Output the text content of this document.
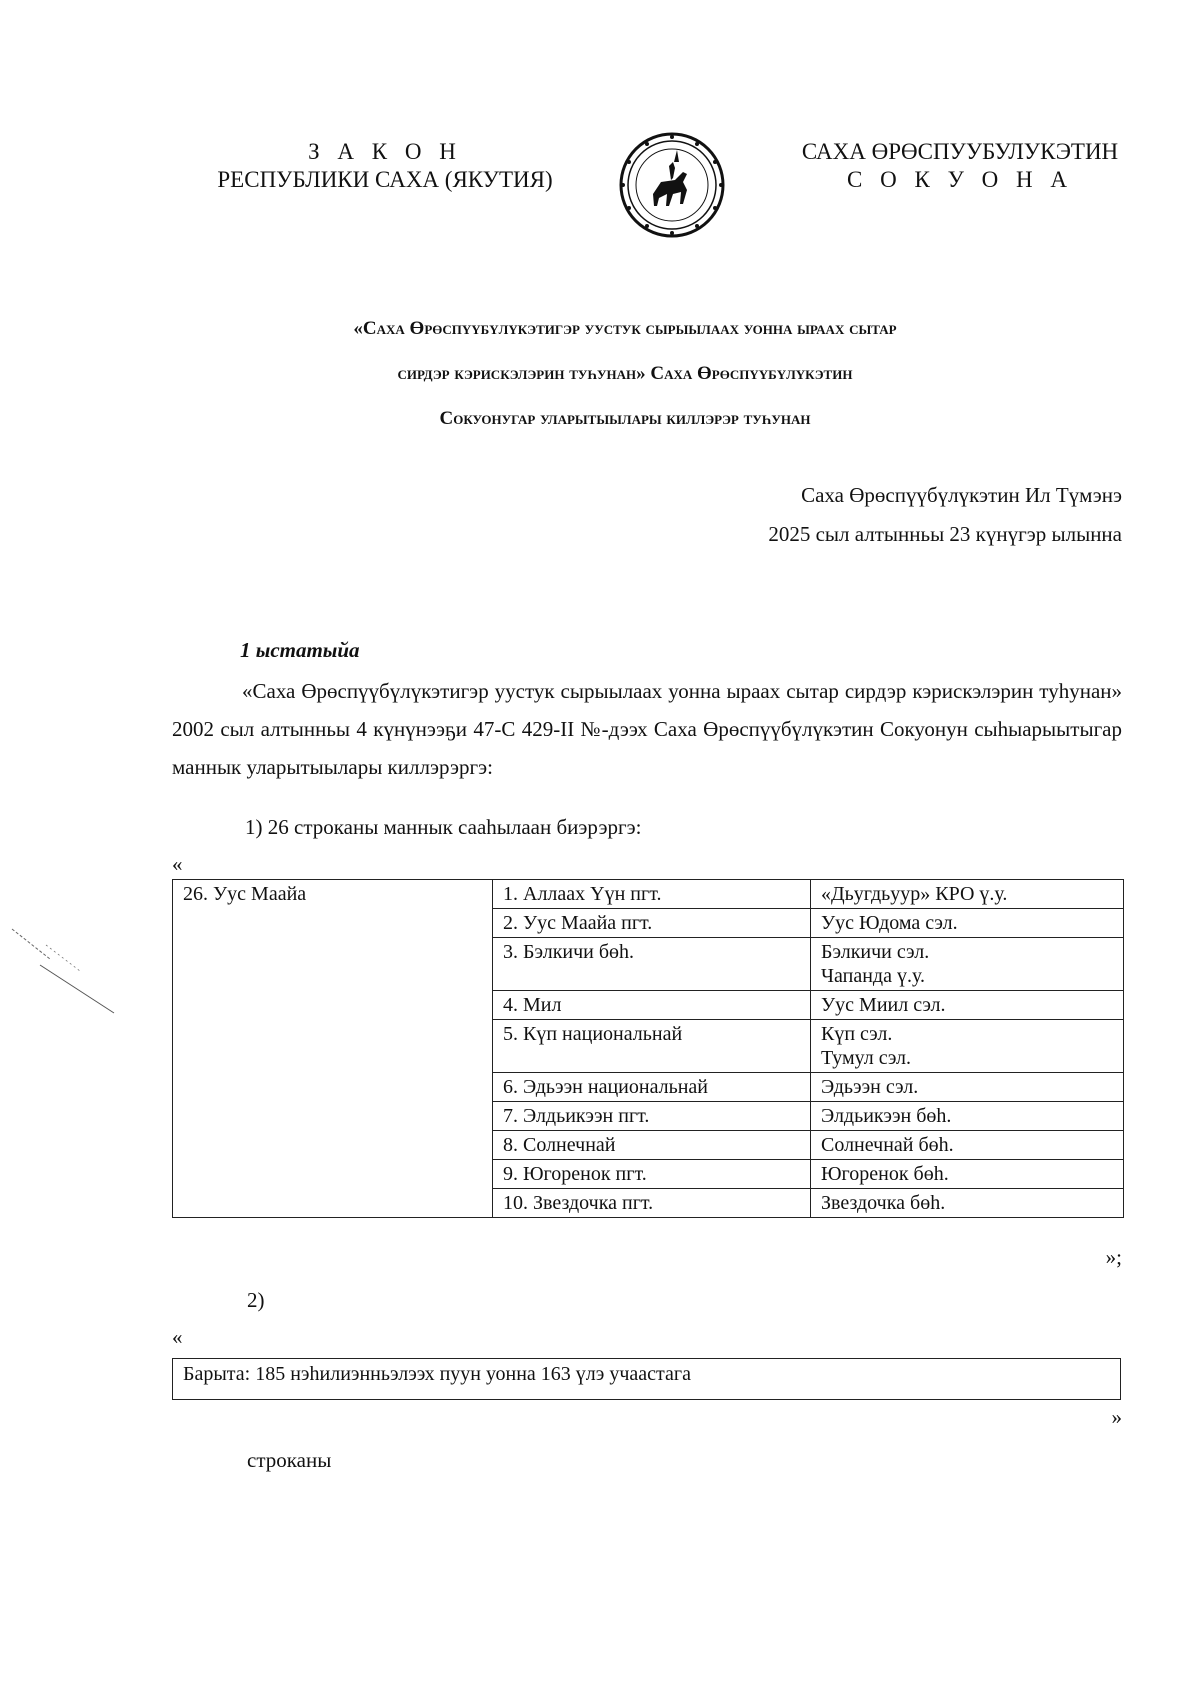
З А К О Н
РЕСПУБЛИКИ САХА (ЯКУТИЯ)
САХА ӨРӨСПУУБУЛУКЭТИН
С О К У О Н А
«Саха Өрөспүүбүлүкэтигэр уустук сырыылаах уонна ыраах сытар
сирдэр кэрискэлэрин туһунан» Саха Өрөспүүбүлүкэтин
Сокуонугар уларытыылары киллэрэр туһунан
Саха Өрөспүүбүлүкэтин Ил Түмэнэ
2025 сыл алтынньы 23 күнүгэр ылынна
1 ыстатыйа
«Саха Өрөспүүбүлүкэтигэр уустук сырыылаах уонна ыраах сытар сирдэр кэрискэлэрин туһунан» 2002 сыл алтынньы 4 күнүнээҕи 47-С 429-II №-дээх Саха Өрөспүүбүлүкэтин Сокуонун сыһыарыытыгар маннык уларытыылары киллэрэргэ:
1) 26 строканы маннык сааһылаан биэрэргэ:
«
26. Уус Маайа	1. Аллаах Үүн пгт.	«Дьугдьуур» КРО ү.у.

	2. Уус Маайа пгт.	Уус Юдома сэл.

	3. Бэлкичи бөһ.	Бэлкичи сэл.
Чапанда ү.у.

	4. Мил	Уус Миил сэл.

	5. Күп национальнай	Күп сэл.
Тумул сэл.

	6. Эдьээн национальнай	Эдьээн сэл.

	7. Элдьикээн пгт.	Элдьикээн бөһ.

	8. Солнечнай	Солнечнай бөһ.

	9. Югоренок пгт.	Югоренок бөһ.

	10. Звездочка пгт.	Звездочка бөһ.
»;
2)
«
Барыта: 185 нэһилиэнньэлээх пуун уонна 163 үлэ учаастага
»
строканы
